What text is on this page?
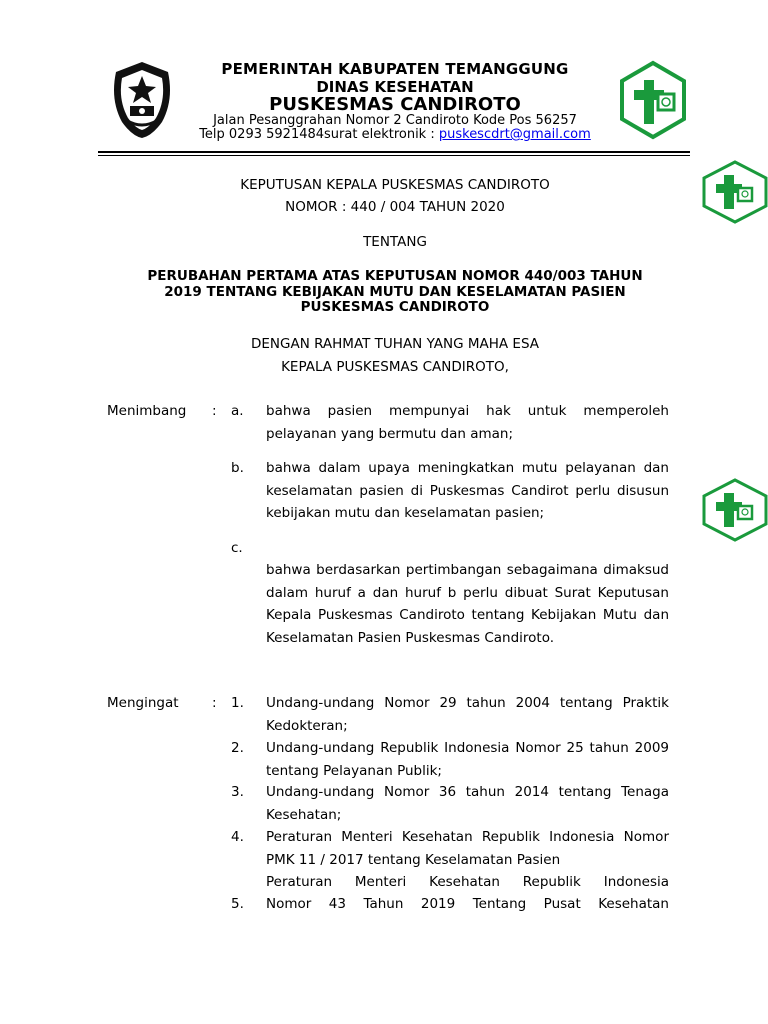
PEMERINTAH KABUPATEN TEMANGGUNG
DINAS KESEHATAN
PUSKESMAS CANDIROTO
Jalan Pesanggrahan Nomor 2 Candiroto Kode Pos 56257
Telp 0293 5921484surat elektronik : puskescdrt@gmail.com
KEPUTUSAN KEPALA PUSKESMAS CANDIROTO
NOMOR : 440 / 004 TAHUN 2020
TENTANG
PERUBAHAN PERTAMA ATAS KEPUTUSAN NOMOR 440/003 TAHUN
2019 TENTANG KEBIJAKAN MUTU DAN KESELAMATAN PASIEN
PUSKESMAS CANDIROTO
DENGAN RAHMAT TUHAN YANG MAHA ESA
KEPALA PUSKESMAS CANDIROTO,
Menimbang : a. bahwa pasien mempunyai hak untuk memperoleh pelayanan yang bermutu dan aman;
b. bahwa dalam upaya meningkatkan mutu pelayanan dan keselamatan pasien di Puskesmas Candirot perlu disusun kebijakan mutu dan keselamatan pasien;
c.
bahwa berdasarkan pertimbangan sebagaimana dimaksud dalam huruf a dan huruf b perlu dibuat Surat Keputusan Kepala Puskesmas Candiroto tentang Kebijakan Mutu dan Keselamatan Pasien Puskesmas Candiroto.
Mengingat : 1. Undang-undang Nomor 29 tahun 2004 tentang Praktik Kedokteran;
2. Undang-undang Republik Indonesia Nomor 25 tahun 2009 tentang Pelayanan Publik;
3. Undang-undang Nomor 36 tahun 2014 tentang Tenaga Kesehatan;
4. Peraturan Menteri Kesehatan Republik Indonesia Nomor PMK 11 / 2017 tentang Keselamatan Pasien
Peraturan Menteri Kesehatan Republik Indonesia
5. Nomor 43 Tahun 2019 Tentang Pusat Kesehatan
